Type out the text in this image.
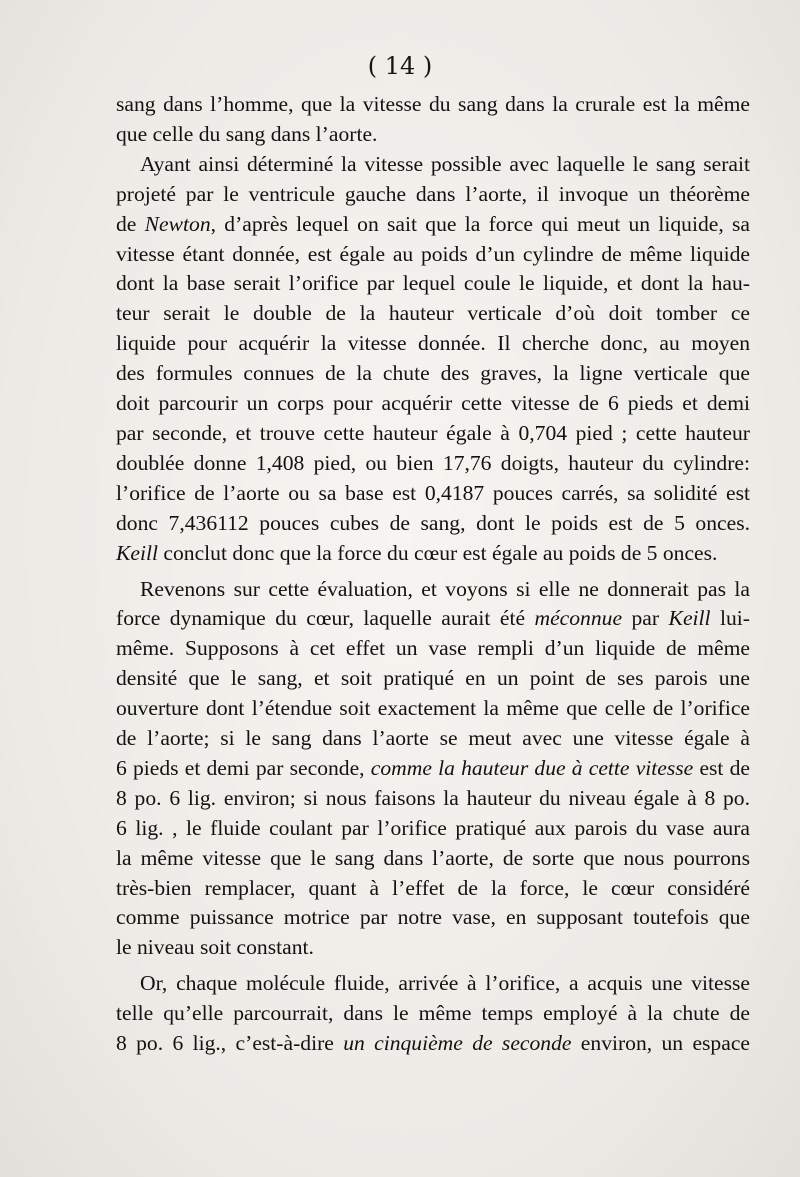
( 14 )
sang dans l’homme, que la vitesse du sang dans la crurale est la même
que celle du sang dans l’aorte.
Ayant ainsi déterminé la vitesse possible avec laquelle le sang serait
projeté par le ventricule gauche dans l’aorte, il invoque un théorème
de Newton, d’après lequel on sait que la force qui meut un liquide, sa
vitesse étant donnée, est égale au poids d’un cylindre de même liquide
dont la base serait l’orifice par lequel coule le liquide, et dont la hau-
teur serait le double de la hauteur verticale d’où doit tomber ce
liquide pour acquérir la vitesse donnée. Il cherche donc, au moyen
des formules connues de la chute des graves, la ligne verticale que
doit parcourir un corps pour acquérir cette vitesse de 6 pieds et demi
par seconde, et trouve cette hauteur égale à 0,704 pied ; cette hauteur
doublée donne 1,408 pied, ou bien 17,76 doigts, hauteur du cylindre:
l’orifice de l’aorte ou sa base est 0,4187 pouces carrés, sa solidité est
donc 7,436112 pouces cubes de sang, dont le poids est de 5 onces.
Keill conclut donc que la force du cœur est égale au poids de 5 onces.
Revenons sur cette évaluation, et voyons si elle ne donnerait pas la
force dynamique du cœur, laquelle aurait été méconnue par Keill lui-
même. Supposons à cet effet un vase rempli d’un liquide de même
densité que le sang, et soit pratiqué en un point de ses parois une
ouverture dont l’étendue soit exactement la même que celle de l’orifice
de l’aorte; si le sang dans l’aorte se meut avec une vitesse égale à
6 pieds et demi par seconde, comme la hauteur due à cette vitesse est de
8 po. 6 lig. environ; si nous faisons la hauteur du niveau égale à 8 po.
6 lig. , le fluide coulant par l’orifice pratiqué aux parois du vase aura
la même vitesse que le sang dans l’aorte, de sorte que nous pourrons
très-bien remplacer, quant à l’effet de la force, le cœur considéré
comme puissance motrice par notre vase, en supposant toutefois que
le niveau soit constant.
Or, chaque molécule fluide, arrivée à l’orifice, a acquis une vitesse
telle qu’elle parcourrait, dans le même temps employé à la chute de
8 po. 6 lig., c’est-à-dire un cinquième de seconde environ, un espace
